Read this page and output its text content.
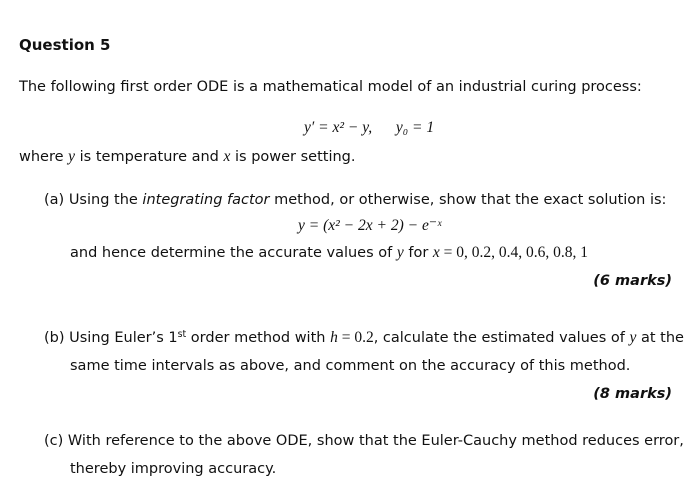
Question 5
The following first order ODE is a mathematical model of an industrial curing process:
y′ = x² − y, y₀ = 1
where y is temperature and x is power setting.
(a) Using the integrating factor method, or otherwise, show that the exact solution is:
y = (x² − 2x + 2) − e⁻ˣ
and hence determine the accurate values of y for x = 0, 0.2, 0.4, 0.6, 0.8, 1
(6 marks)
(b) Using Euler’s 1st order method with h = 0.2, calculate the estimated values of y at the
same time intervals as above, and comment on the accuracy of this method.
(8 marks)
(c) With reference to the above ODE, show that the Euler-Cauchy method reduces error,
thereby improving accuracy.
